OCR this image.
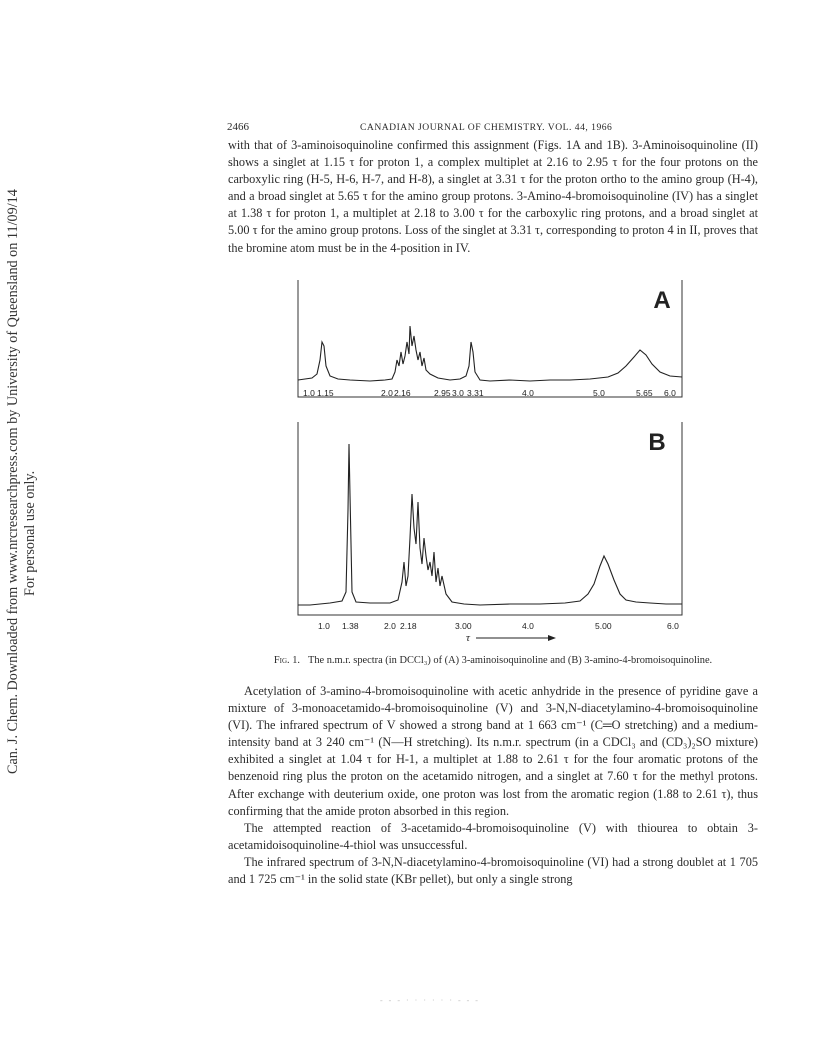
Can. J. Chem. Downloaded from www.nrcresearchpress.com by University of Queensland on 11/09/14 For personal use only.
2466	CANADIAN JOURNAL OF CHEMISTRY. VOL. 44, 1966

with that of 3-aminoisoquinoline confirmed this assignment (Figs. 1A and 1B). 3-Aminoisoquinoline (II) shows a singlet at 1.15 τ for proton 1, a complex multiplet at 2.16 to 2.95 τ for the four protons on the carboxylic ring (H-5, H-6, H-7, and H-8), a singlet at 3.31 τ for the proton ortho to the amino group (H-4), and a broad singlet at 5.65 τ for the amino group protons. 3-Amino-4-bromoisoquinoline (IV) has a singlet at 1.38 τ for proton 1, a multiplet at 2.18 to 3.00 τ for the carboxylic ring protons, and a broad singlet at 5.00 τ for the amino group protons. Loss of the singlet at 3.31 τ, corresponding to proton 4 in II, proves that the bromine atom must be in the 4-position in IV.

A
1.0 1.15	2.0 2.16	2.95 3.0 3.31	4.0	5.0	5.65 6.0
B
1.0 1.38	2.0 2.18	3.00	4.0	5.00	6.0
τ
Fig. 1. The n.m.r. spectra (in DCCl₃) of (A) 3-aminoisoquinoline and (B) 3-amino-4-bromoisoquinoline.

Acetylation of 3-amino-4-bromoisoquinoline with acetic anhydride in the presence of pyridine gave a mixture of 3-monoacetamido-4-bromoisoquinoline (V) and 3-N,N-diacetylamino-4-bromoisoquinoline (VI). The infrared spectrum of V showed a strong band at 1 663 cm⁻¹ (C═O stretching) and a medium-intensity band at 3 240 cm⁻¹ (N—H stretching). Its n.m.r. spectrum (in a CDCl₃ and (CD₃)₂SO mixture) exhibited a singlet at 1.04 τ for H-1, a multiplet at 1.88 to 2.61 τ for the four aromatic protons of the benzenoid ring plus the proton on the acetamido nitrogen, and a singlet at 7.60 τ for the methyl protons. After exchange with deuterium oxide, one proton was lost from the aromatic region (1.88 to 2.61 τ), thus confirming that the amide proton absorbed in this region.

The attempted reaction of 3-acetamido-4-bromoisoquinoline (V) with thiourea to obtain 3-acetamidoisoquinoline-4-thiol was unsuccessful.

The infrared spectrum of 3-N,N-diacetylamino-4-bromoisoquinoline (VI) had a strong doublet at 1 705 and 1 725 cm⁻¹ in the solid state (KBr pellet), but only a single strong

- - - · · · · · · - - -
